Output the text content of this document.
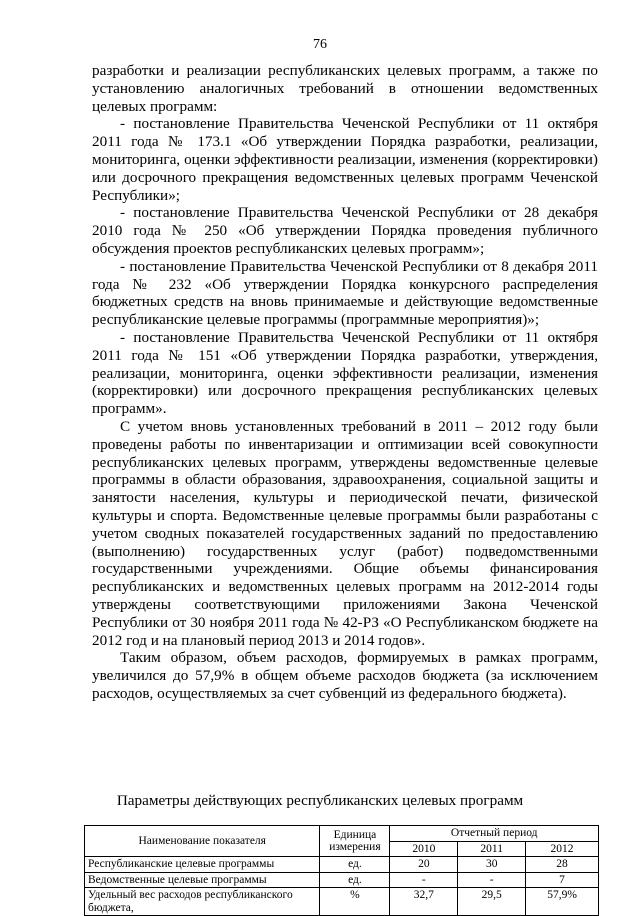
76

разработки и реализации республиканских целевых программ, а также по установлению аналогичных требований в отношении ведомственных целевых программ:

- постановление Правительства Чеченской Республики от 11 октября 2011 года № 173.1 «Об утверждении Порядка разработки, реализации, мониторинга, оценки эффективности реализации, изменения (корректировки) или досрочного прекращения ведомственных целевых программ Чеченской Республики»;

- постановление Правительства Чеченской Республики от 28 декабря 2010 года № 250 «Об утверждении Порядка проведения публичного обсуждения проектов республиканских целевых программ»;

- постановление Правительства Чеченской Республики от 8 декабря 2011 года № 232 «Об утверждении Порядка конкурсного распределения бюджетных средств на вновь принимаемые и действующие ведомственные республиканские целевые программы (программные мероприятия)»;

- постановление Правительства Чеченской Республики от 11 октября 2011 года № 151 «Об утверждении Порядка разработки, утверждения, реализации, мониторинга, оценки эффективности реализации, изменения (корректировки) или досрочного прекращения республиканских целевых программ».

С учетом вновь установленных требований в 2011 – 2012 году были проведены работы по инвентаризации и оптимизации всей совокупности республиканских целевых программ, утверждены ведомственные целевые программы в области образования, здравоохранения, социальной защиты и занятости населения, культуры и периодической печати, физической культуры и спорта. Ведомственные целевые программы были разработаны с учетом сводных показателей государственных заданий по предоставлению (выполнению) государственных услуг (работ) подведомственными государственными учреждениями. Общие объемы финансирования республиканских и ведомственных целевых программ на 2012-2014 годы утверждены соответствующими приложениями Закона Чеченской Республики от 30 ноября 2011 года № 42-РЗ «О Республиканском бюджете на 2012 год и на плановый период 2013 и 2014 годов».

Таким образом, объем расходов, формируемых в рамках программ, увеличился до 57,9% в общем объеме расходов бюджета (за исключением расходов, осуществляемых за счет субвенций из федерального бюджета).

Параметры действующих республиканских целевых программ
Наименование показателя	Единица измерения	Отчетный период		
		2010	2011	2012
Республиканские целевые программы	ед.	20	30	28
Ведомственные целевые программы	ед.	-	-	7
Удельный вес расходов республиканского бюджета,	%	32,7	29,5	57,9%
